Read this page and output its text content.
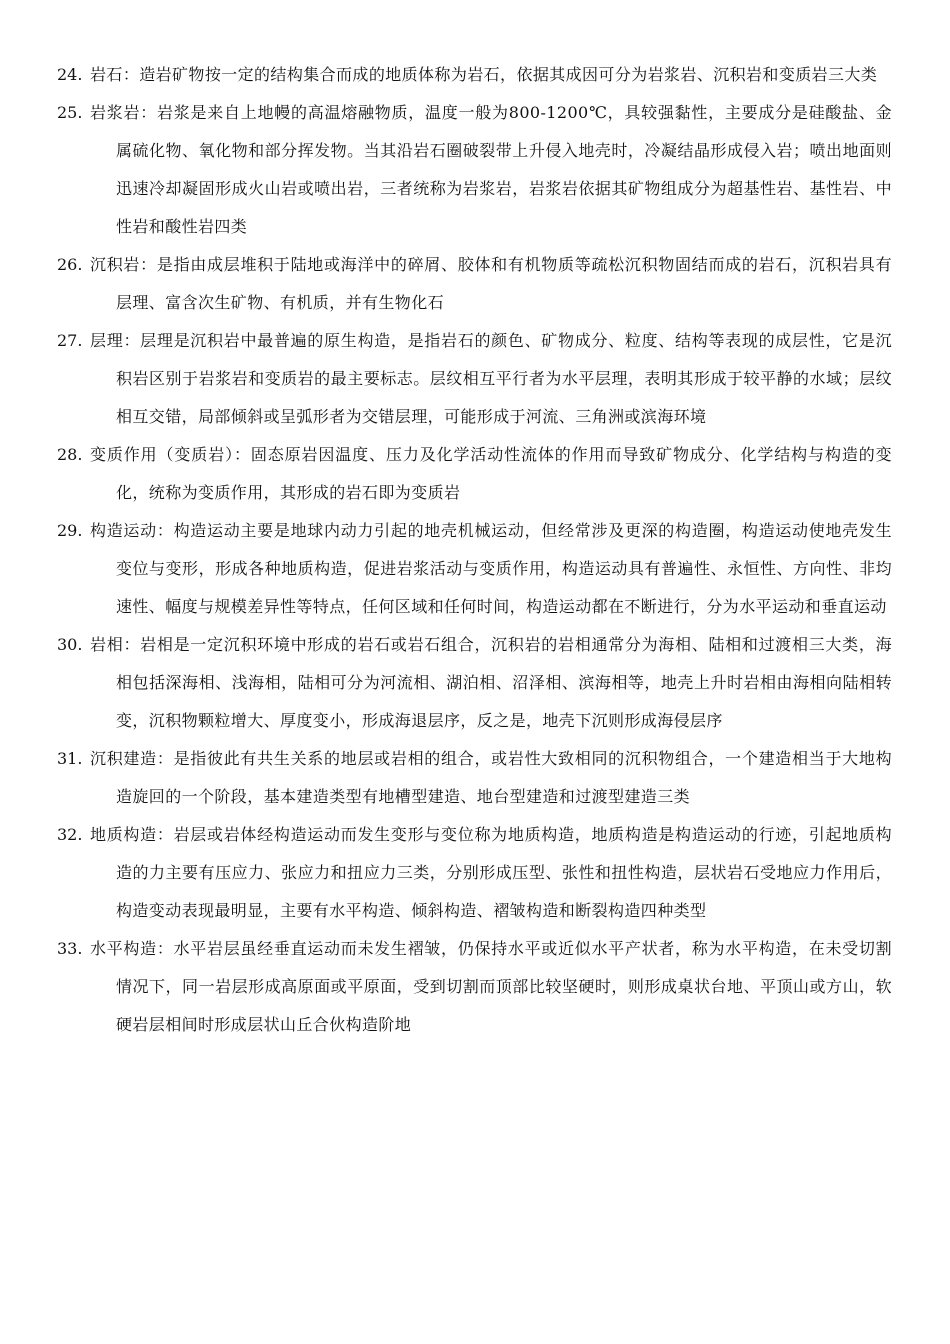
24. 岩石：造岩矿物按一定的结构集合而成的地质体称为岩石，依据其成因可分为岩浆岩、沉积岩和变质岩三大类
25. 岩浆岩：岩浆是来自上地幔的高温熔融物质，温度一般为800-1200℃，具较强黏性，主要成分是硅酸盐、金属硫化物、氧化物和部分挥发物。当其沿岩石圈破裂带上升侵入地壳时，冷凝结晶形成侵入岩；喷出地面则迅速冷却凝固形成火山岩或喷出岩，三者统称为岩浆岩，岩浆岩依据其矿物组成分为超基性岩、基性岩、中性岩和酸性岩四类
26. 沉积岩：是指由成层堆积于陆地或海洋中的碎屑、胶体和有机物质等疏松沉积物固结而成的岩石，沉积岩具有层理、富含次生矿物、有机质，并有生物化石
27. 层理：层理是沉积岩中最普遍的原生构造，是指岩石的颜色、矿物成分、粒度、结构等表现的成层性，它是沉积岩区别于岩浆岩和变质岩的最主要标志。层纹相互平行者为水平层理，表明其形成于较平静的水域；层纹相互交错，局部倾斜或呈弧形者为交错层理，可能形成于河流、三角洲或滨海环境
28. 变质作用（变质岩）：固态原岩因温度、压力及化学活动性流体的作用而导致矿物成分、化学结构与构造的变化，统称为变质作用，其形成的岩石即为变质岩
29. 构造运动：构造运动主要是地球内动力引起的地壳机械运动，但经常涉及更深的构造圈，构造运动使地壳发生变位与变形，形成各种地质构造，促进岩浆活动与变质作用，构造运动具有普遍性、永恒性、方向性、非均速性、幅度与规模差异性等特点，任何区域和任何时间，构造运动都在不断进行，分为水平运动和垂直运动
30. 岩相：岩相是一定沉积环境中形成的岩石或岩石组合，沉积岩的岩相通常分为海相、陆相和过渡相三大类，海相包括深海相、浅海相，陆相可分为河流相、湖泊相、沼泽相、滨海相等，地壳上升时岩相由海相向陆相转变，沉积物颗粒增大、厚度变小，形成海退层序，反之是，地壳下沉则形成海侵层序
31. 沉积建造：是指彼此有共生关系的地层或岩相的组合，或岩性大致相同的沉积物组合，一个建造相当于大地构造旋回的一个阶段，基本建造类型有地槽型建造、地台型建造和过渡型建造三类
32. 地质构造：岩层或岩体经构造运动而发生变形与变位称为地质构造，地质构造是构造运动的行迹，引起地质构造的力主要有压应力、张应力和扭应力三类，分别形成压型、张性和扭性构造，层状岩石受地应力作用后，构造变动表现最明显，主要有水平构造、倾斜构造、褶皱构造和断裂构造四种类型
33. 水平构造：水平岩层虽经垂直运动而未发生褶皱，仍保持水平或近似水平产状者，称为水平构造，在未受切割情况下，同一岩层形成高原面或平原面，受到切割而顶部比较坚硬时，则形成桌状台地、平顶山或方山，软硬岩层相间时形成层状山丘合伙构造阶地
